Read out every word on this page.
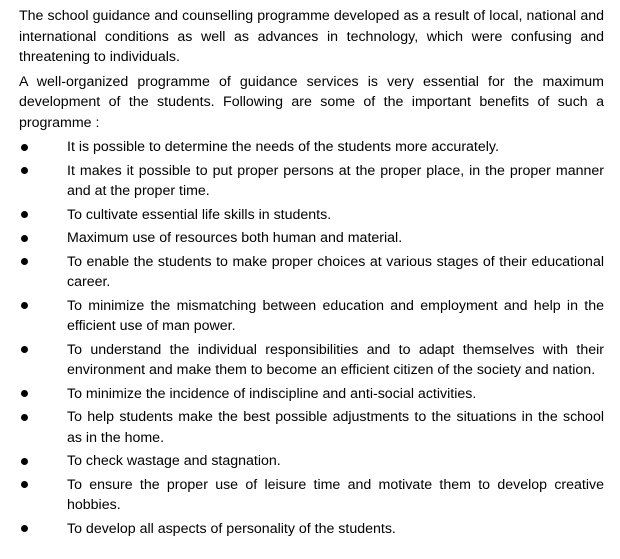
The school guidance and counselling programme developed as a result of local, national and international conditions as well as advances in technology, which were confusing and threatening to individuals.

A well-organized programme of guidance services is very essential for the maximum development of the students. Following are some of the important benefits of such a programme :

It is possible to determine the needs of the students more accurately.
It makes it possible to put proper persons at the proper place, in the proper manner and at the proper time.
To cultivate essential life skills in students.
Maximum use of resources both human and material.
To enable the students to make proper choices at various stages of their educational career.
To minimize the mismatching between education and employment and help in the efficient use of man power.
To understand the individual responsibilities and to adapt themselves with their environment and make them to become an efficient citizen of the society and nation.
To minimize the incidence of indiscipline and anti-social activities.
To help students make the best possible adjustments to the situations in the school as in the home.
To check wastage and stagnation.
To ensure the proper use of leisure time and motivate them to develop creative hobbies.
To develop all aspects of personality of the students.
